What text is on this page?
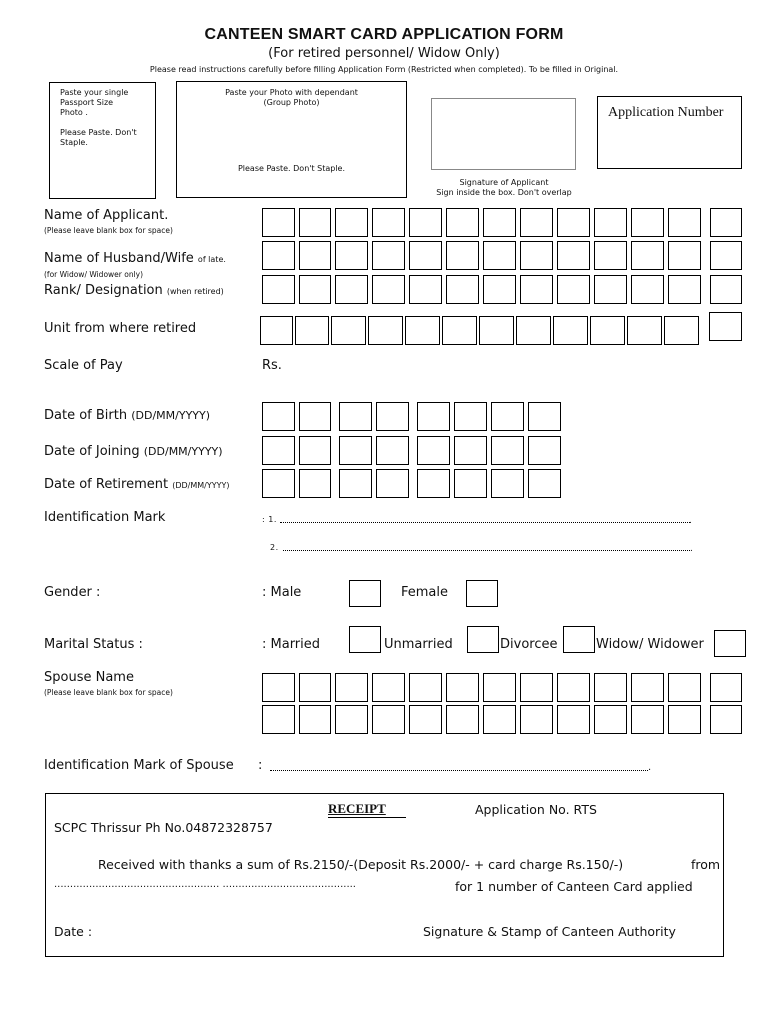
CANTEEN SMART CARD APPLICATION FORM
(For retired personnel/ Widow Only)
Please read instructions carefully before filling Application Form (Restricted when completed). To be filled in Original.
Paste your single
Passport Size
Photo .
Please Paste. Don't
Staple.
Paste your Photo with dependant
(Group Photo)
Please Paste. Don't Staple.
Signature of Applicant
Sign inside the box. Don't overlap
Application Number
Name of Applicant.
(Please leave blank box for space)
Name of Husband/Wife of late.
(for Widow/ Widower only)
Rank/ Designation (when retired)
Unit from where retired
Scale of Pay	Rs.
Date of Birth (DD/MM/YYYY)
Date of Joining (DD/MM/YYYY)
Date of Retirement (DD/MM/YYYY)
Identification Mark	: 1.	.
2.	.
Gender :	: Male	Female
Marital Status :	: Married	Unmarried	Divorcee	Widow/ Widower
Spouse Name
(Please leave blank box for space)
Identification Mark of Spouse :	.
RECEIPT	Application No. RTS
SCPC Thrissur Ph No.04872328757
Received with thanks a sum of Rs.2150/-(Deposit Rs.2000/- + card charge Rs.150/-)	from
.................................................... ..........................................	for 1 number of Canteen Card applied
Date :	Signature & Stamp of Canteen Authority
